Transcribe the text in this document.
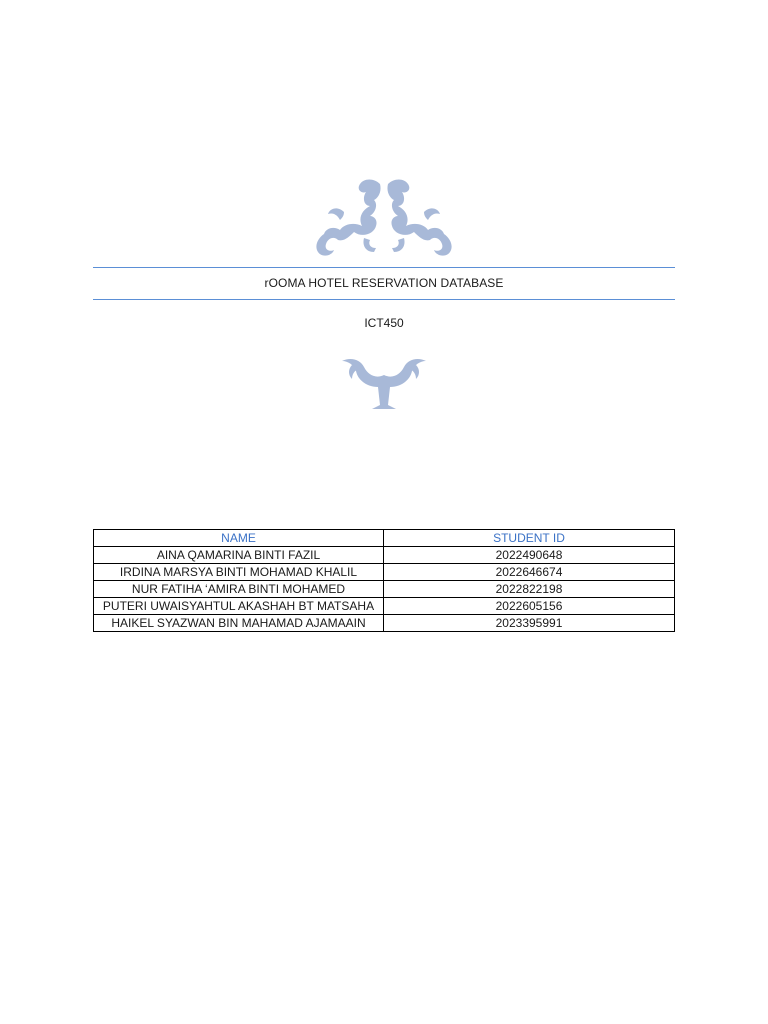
rOOMA HOTEL RESERVATION DATABASE
ICT450
NAME	STUDENT ID
AINA QAMARINA BINTI FAZIL	2022490648
IRDINA MARSYA BINTI MOHAMAD KHALIL	2022646674
NUR FATIHA ‘AMIRA BINTI MOHAMED	2022822198
PUTERI UWAISYAHTUL AKASHAH BT MATSAHA	2022605156
HAIKEL SYAZWAN BIN MAHAMAD AJAMAAIN	2023395991
